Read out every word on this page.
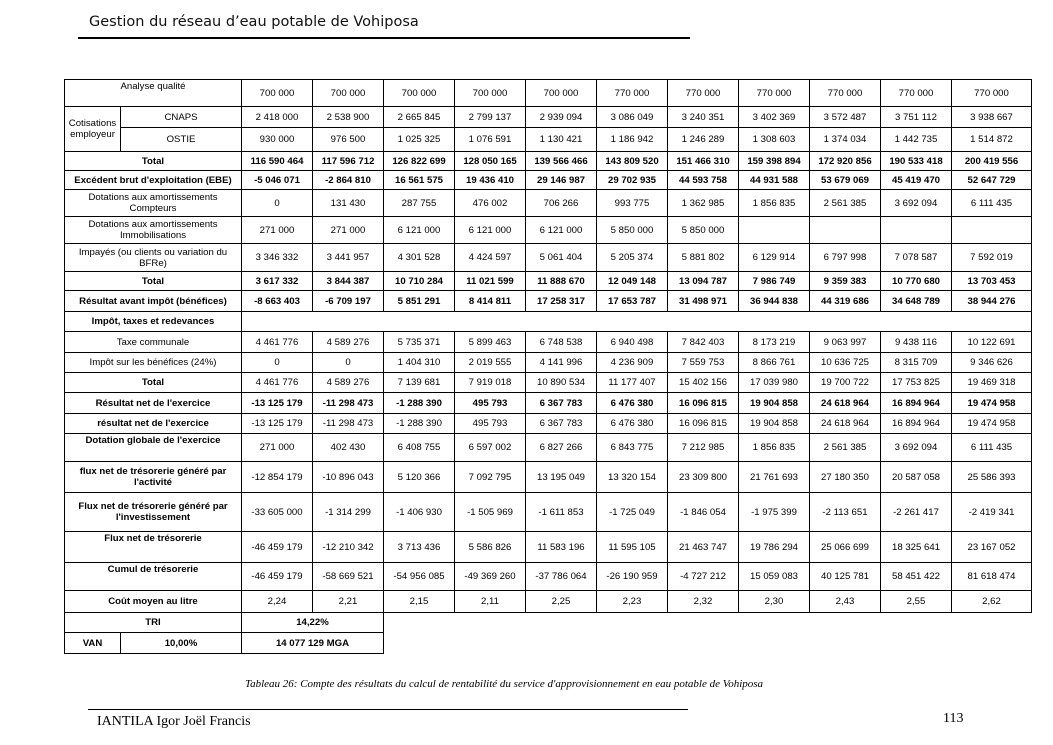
Gestion du réseau d’eau potable de Vohiposa
Analyse qualité		700 000	700 000	700 000	700 000	700 000	770 000	770 000	770 000	770 000	770 000	770 000
Cotisations employeur	CNAPS	2 418 000	2 538 900	2 665 845	2 799 137	2 939 094	3 086 049	3 240 351	3 402 369	3 572 487	3 751 112	3 938 667
	OSTIE	930 000	976 500	1 025 325	1 076 591	1 130 421	1 186 942	1 246 289	1 308 603	1 374 034	1 442 735	1 514 872
Total		116 590 464	117 596 712	126 822 699	128 050 165	139 566 466	143 809 520	151 466 310	159 398 894	172 920 856	190 533 418	200 419 556
Excédent brut d'exploitation (EBE)		-5 046 071	-2 864 810	16 561 575	19 436 410	29 146 987	29 702 935	44 593 758	44 931 588	53 679 069	45 419 470	52 647 729
Dotations aux amortissements Compteurs		0	131 430	287 755	476 002	706 266	993 775	1 362 985	1 856 835	2 561 385	3 692 094	6 111 435
Dotations aux amortissements Immobilisations		271 000	271 000	6 121 000	6 121 000	6 121 000	5 850 000	5 850 000				
Impayés (ou clients ou variation du BFRe)		3 346 332	3 441 957	4 301 528	4 424 597	5 061 404	5 205 374	5 881 802	6 129 914	6 797 998	7 078 587	7 592 019
Total		3 617 332	3 844 387	10 710 284	11 021 599	11 888 670	12 049 148	13 094 787	7 986 749	9 359 383	10 770 680	13 703 453
Résultat avant impôt (bénéfices)		-8 663 403	-6 709 197	5 851 291	8 414 811	17 258 317	17 653 787	31 498 971	36 944 838	44 319 686	34 648 789	38 944 276
Impôt, taxes et redevances												
Taxe communale		4 461 776	4 589 276	5 735 371	5 899 463	6 748 538	6 940 498	7 842 403	8 173 219	9 063 997	9 438 116	10 122 691
Impôt sur les bénéfices (24%)		0	0	1 404 310	2 019 555	4 141 996	4 236 909	7 559 753	8 866 761	10 636 725	8 315 709	9 346 626
Total		4 461 776	4 589 276	7 139 681	7 919 018	10 890 534	11 177 407	15 402 156	17 039 980	19 700 722	17 753 825	19 469 318
Résultat net de l'exercice		-13 125 179	-11 298 473	-1 288 390	495 793	6 367 783	6 476 380	16 096 815	19 904 858	24 618 964	16 894 964	19 474 958
résultat net de l'exercice		-13 125 179	-11 298 473	-1 288 390	495 793	6 367 783	6 476 380	16 096 815	19 904 858	24 618 964	16 894 964	19 474 958
Dotation globale de l'exercice		271 000	402 430	6 408 755	6 597 002	6 827 266	6 843 775	7 212 985	1 856 835	2 561 385	3 692 094	6 111 435
flux net de trésorerie généré par l'activité		-12 854 179	-10 896 043	5 120 366	7 092 795	13 195 049	13 320 154	23 309 800	21 761 693	27 180 350	20 587 058	25 586 393
Flux net de trésorerie généré par l'investissement		-33 605 000	-1 314 299	-1 406 930	-1 505 969	-1 611 853	-1 725 049	-1 846 054	-1 975 399	-2 113 651	-2 261 417	-2 419 341
Flux net de trésorerie		-46 459 179	-12 210 342	3 713 436	5 586 826	11 583 196	11 595 105	21 463 747	19 786 294	25 066 699	18 325 641	23 167 052
Cumul de trésorerie		-46 459 179	-58 669 521	-54 956 085	-49 369 260	-37 786 064	-26 190 959	-4 727 212	15 059 083	40 125 781	58 451 422	81 618 474
Coût moyen au litre		2,24	2,21	2,15	2,11	2,25	2,23	2,32	2,30	2,43	2,55	2,62
TRI		14,22%										
VAN	10,00%	14 077 129 MGA										
Tableau 26: Compte des résultats du calcul de rentabilité du service d'approvisionnement en eau potable de Vohiposa
IANTILA Igor Joël Francis	113
